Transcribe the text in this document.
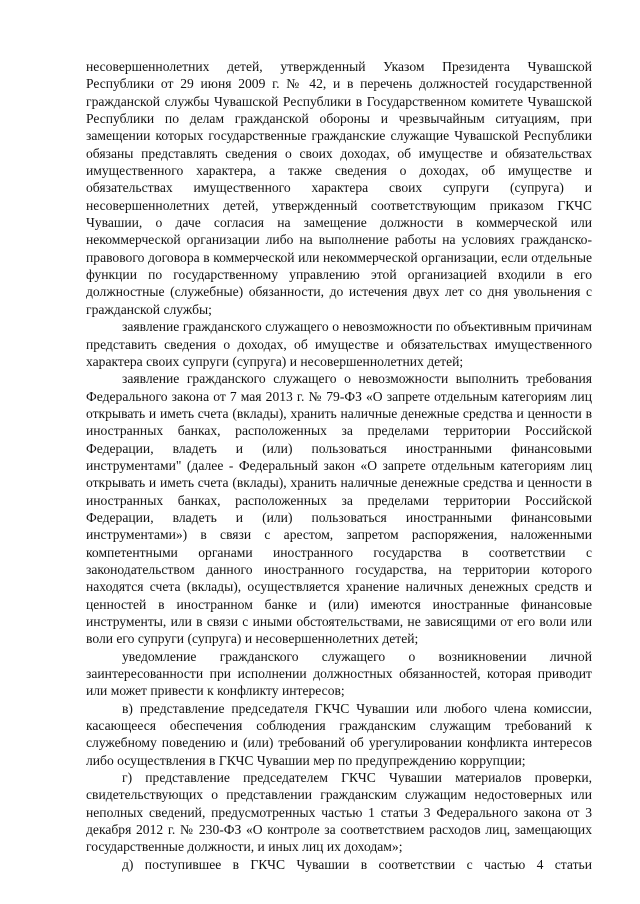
несовершеннолетних детей, утвержденный Указом Президента Чувашской Республики от 29 июня 2009 г. № 42, и в перечень должностей государственной гражданской службы Чувашской Республики в Государственном комитете Чувашской Республики по делам гражданской обороны и чрезвычайным ситуациям, при замещении которых государственные гражданские служащие Чувашской Республики обязаны представлять сведения о своих доходах, об имуществе и обязательствах имущественного характера, а также сведения о доходах, об имуществе и обязательствах имущественного характера своих супруги (супруга) и несовершеннолетних детей, утвержденный соответствующим приказом ГКЧС Чувашии, о даче согласия на замещение должности в коммерческой или некоммерческой организации либо на выполнение работы на условиях гражданско-правового договора в коммерческой или некоммерческой организации, если отдельные функции по государственному управлению этой организацией входили в его должностные (служебные) обязанности, до истечения двух лет со дня увольнения с гражданской службы;

заявление гражданского служащего о невозможности по объективным причинам представить сведения о доходах, об имуществе и обязательствах имущественного характера своих супруги (супруга) и несовершеннолетних детей;

заявление гражданского служащего о невозможности выполнить требования Федерального закона от 7 мая 2013 г. № 79-ФЗ «О запрете отдельным категориям лиц открывать и иметь счета (вклады), хранить наличные денежные средства и ценности в иностранных банках, расположенных за пределами территории Российской Федерации, владеть и (или) пользоваться иностранными финансовыми инструментами" (далее - Федеральный закон «О запрете отдельным категориям лиц открывать и иметь счета (вклады), хранить наличные денежные средства и ценности в иностранных банках, расположенных за пределами территории Российской Федерации, владеть и (или) пользоваться иностранными финансовыми инструментами») в связи с арестом, запретом распоряжения, наложенными компетентными органами иностранного государства в соответствии с законодательством данного иностранного государства, на территории которого находятся счета (вклады), осуществляется хранение наличных денежных средств и ценностей в иностранном банке и (или) имеются иностранные финансовые инструменты, или в связи с иными обстоятельствами, не зависящими от его воли или воли его супруги (супруга) и несовершеннолетних детей;

уведомление гражданского служащего о возникновении личной заинтересованности при исполнении должностных обязанностей, которая приводит или может привести к конфликту интересов;

в) представление председателя ГКЧС Чувашии или любого члена комиссии, касающееся обеспечения соблюдения гражданским служащим требований к служебному поведению и (или) требований об урегулировании конфликта интересов либо осуществления в ГКЧС Чувашии мер по предупреждению коррупции;

г) представление председателем ГКЧС Чувашии материалов проверки, свидетельствующих о представлении гражданским служащим недостоверных или неполных сведений, предусмотренных частью 1 статьи 3 Федерального закона от 3 декабря 2012 г. № 230-ФЗ «О контроле за соответствием расходов лиц, замещающих государственные должности, и иных лиц их доходам»;

д) поступившее в ГКЧС Чувашии в соответствии с частью 4 статьи
